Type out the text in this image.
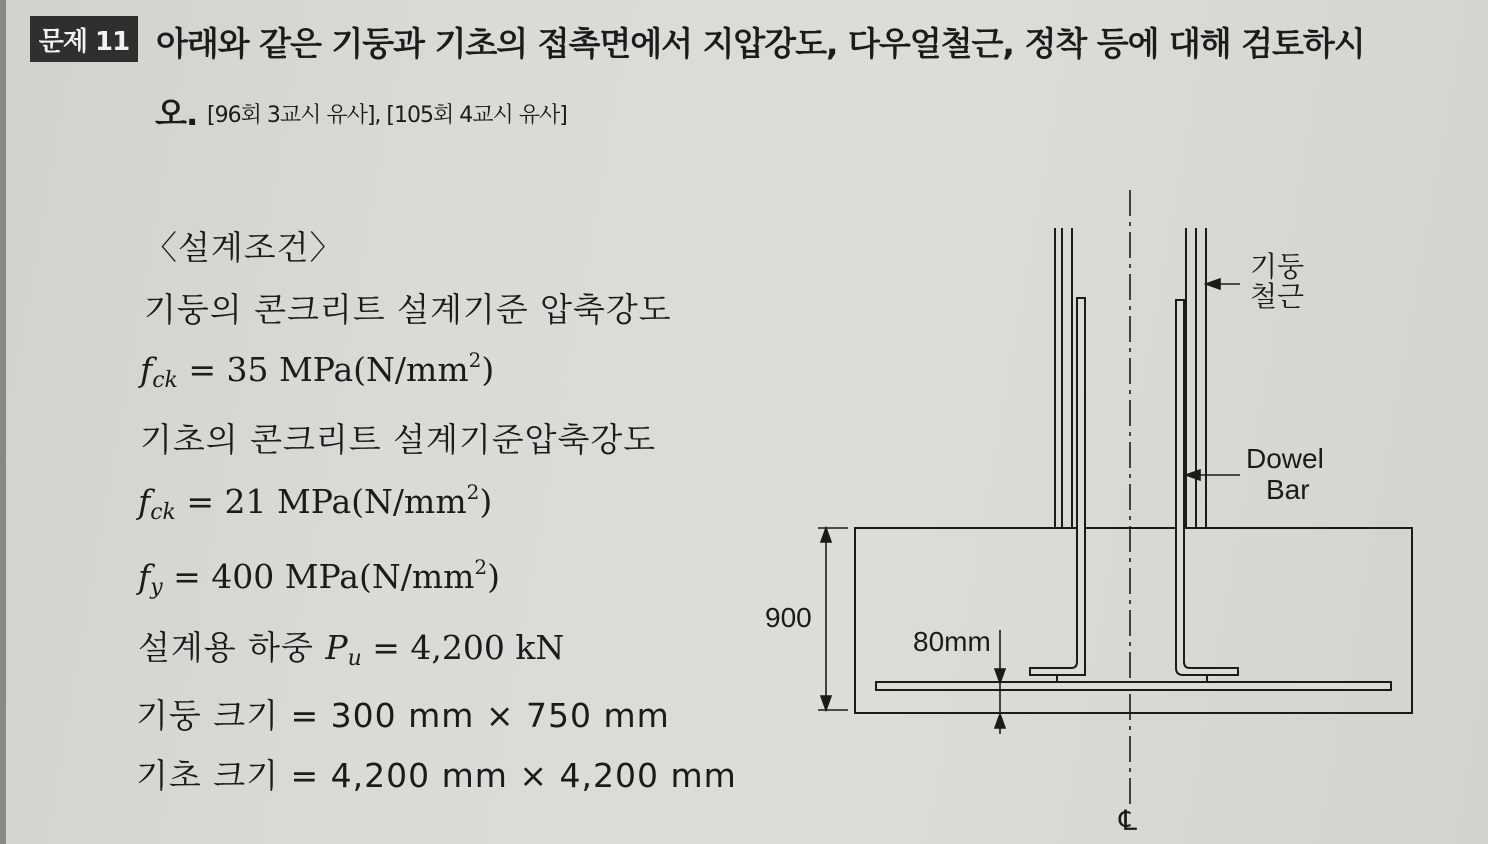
문제 11 아래와 같은 기둥과 기초의 접촉면에서 지압강도, 다우얼철근, 정착 등에 대해 검토하시
오. [96회 3교시 유사], [105회 4교시 유사]
〈설계조건〉
기둥의 콘크리트 설계기준 압축강도
$f_{ck} = 35$ $MPa(N/mm^2)$
기초의 콘크리트 설계기준압축강도
$f_{ck} = 21$ $MPa(N/mm^2)$
$f_y = 400$ $MPa(N/mm^2)$
설계용 하중 $P_u = 4,200$ kN
기둥 크기 = 300 mm × 750 mm
기초 크기 = 4,200 mm × 4,200 mm
900
80mm
기둥
철근
Dowel
Bar
℄
